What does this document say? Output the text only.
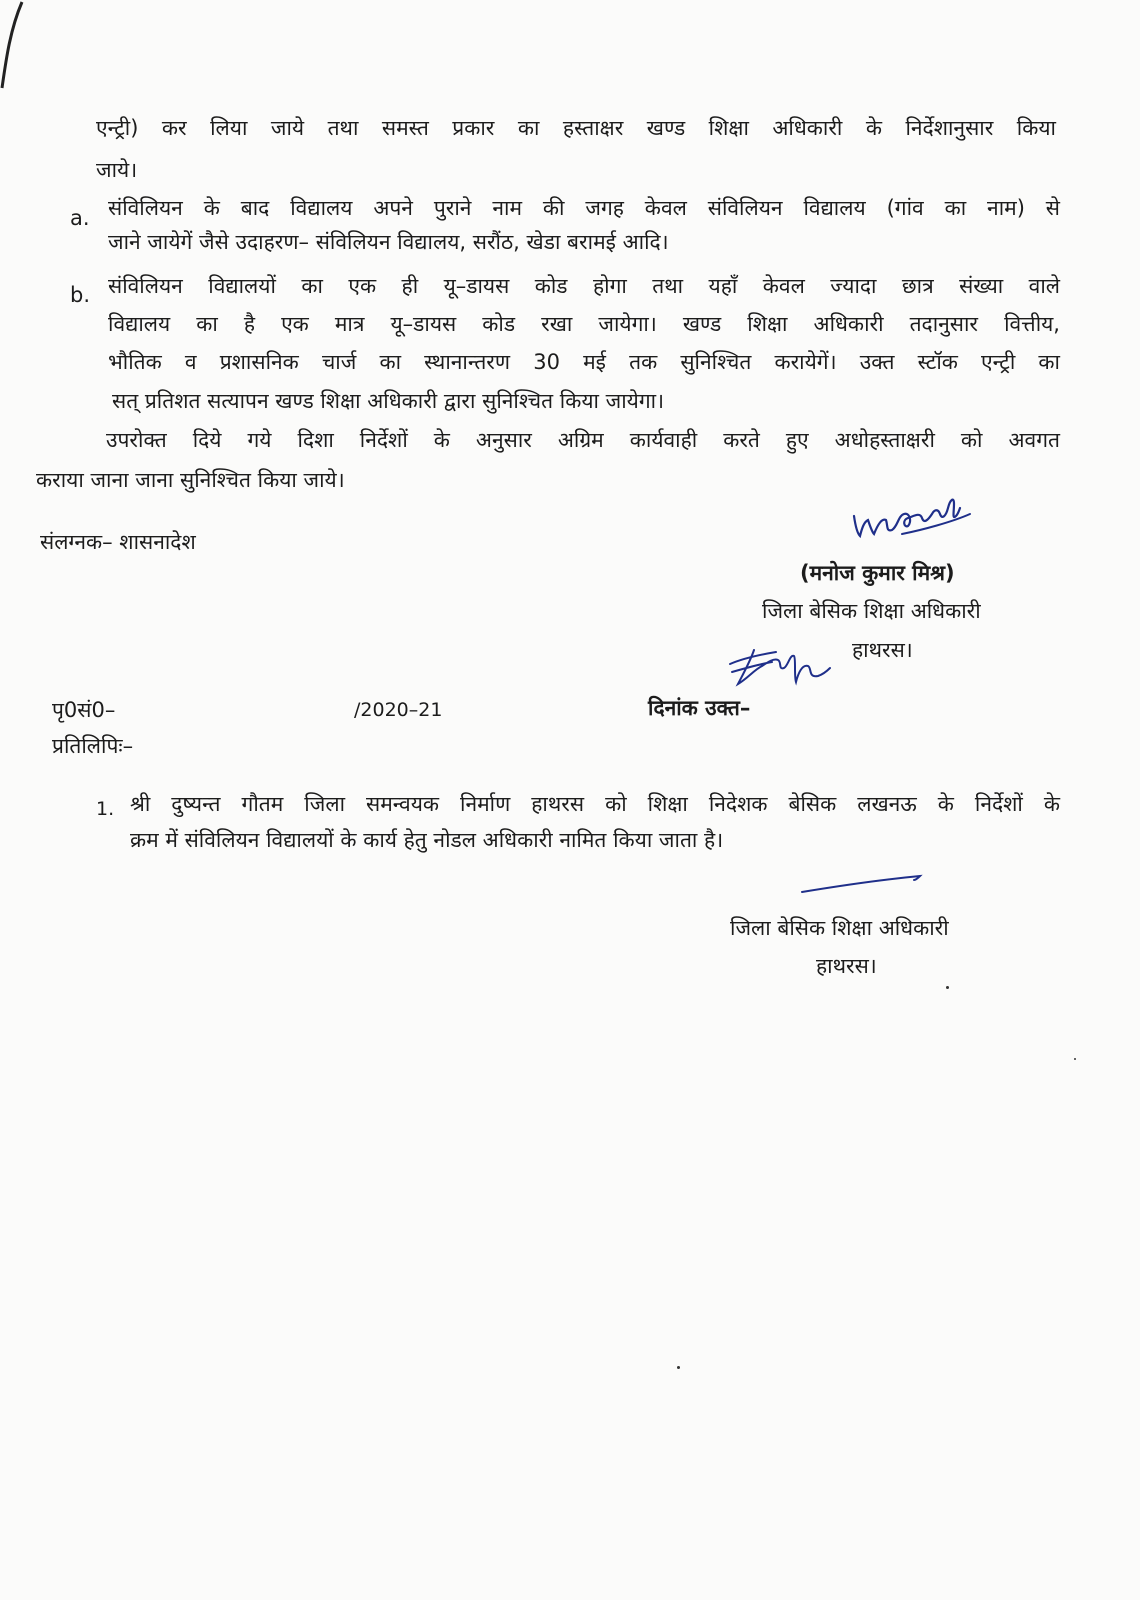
एन्ट्री) कर लिया जाये तथा समस्त प्रकार का हस्ताक्षर खण्ड शिक्षा अधिकारी के निर्देशानुसार किया
जाये।
a. संविलियन के बाद विद्यालय अपने पुराने नाम की जगह केवल संविलियन विद्यालय (गांव का नाम) से
जाने जायेगें जैसे उदाहरण– संविलियन विद्यालय, सरौंठ, खेडा बरामई आदि।
b. संविलियन विद्यालयों का एक ही यू–डायस कोड होगा तथा यहाँ केवल ज्यादा छात्र संख्या वाले
विद्यालय का है एक मात्र यू–डायस कोड रखा जायेगा। खण्ड शिक्षा अधिकारी तदानुसार वित्तीय,
भौतिक व प्रशासनिक चार्ज का स्थानान्तरण 30 मई तक सुनिश्चित करायेगें। उक्त स्टॉक एन्ट्री का
सत् प्रतिशत सत्यापन खण्ड शिक्षा अधिकारी द्वारा सुनिश्चित किया जायेगा।
उपरोक्त दिये गये दिशा निर्देशों के अनुसार अग्रिम कार्यवाही करते हुए अधोहस्ताक्षरी को अवगत
कराया जाना जाना सुनिश्चित किया जाये।
संलग्नक– शासनादेश
(मनोज कुमार मिश्र)
जिला बेसिक शिक्षा अधिकारी
हाथरस।
पृ0सं0–	/2020–21	दिनांक उक्त–
प्रतिलिपिः–
1. श्री दुष्यन्त गौतम जिला समन्वयक निर्माण हाथरस को शिक्षा निदेशक बेसिक लखनऊ के निर्देशों के
क्रम में संविलियन विद्यालयों के कार्य हेतु नोडल अधिकारी नामित किया जाता है।
जिला बेसिक शिक्षा अधिकारी
हाथरस।
